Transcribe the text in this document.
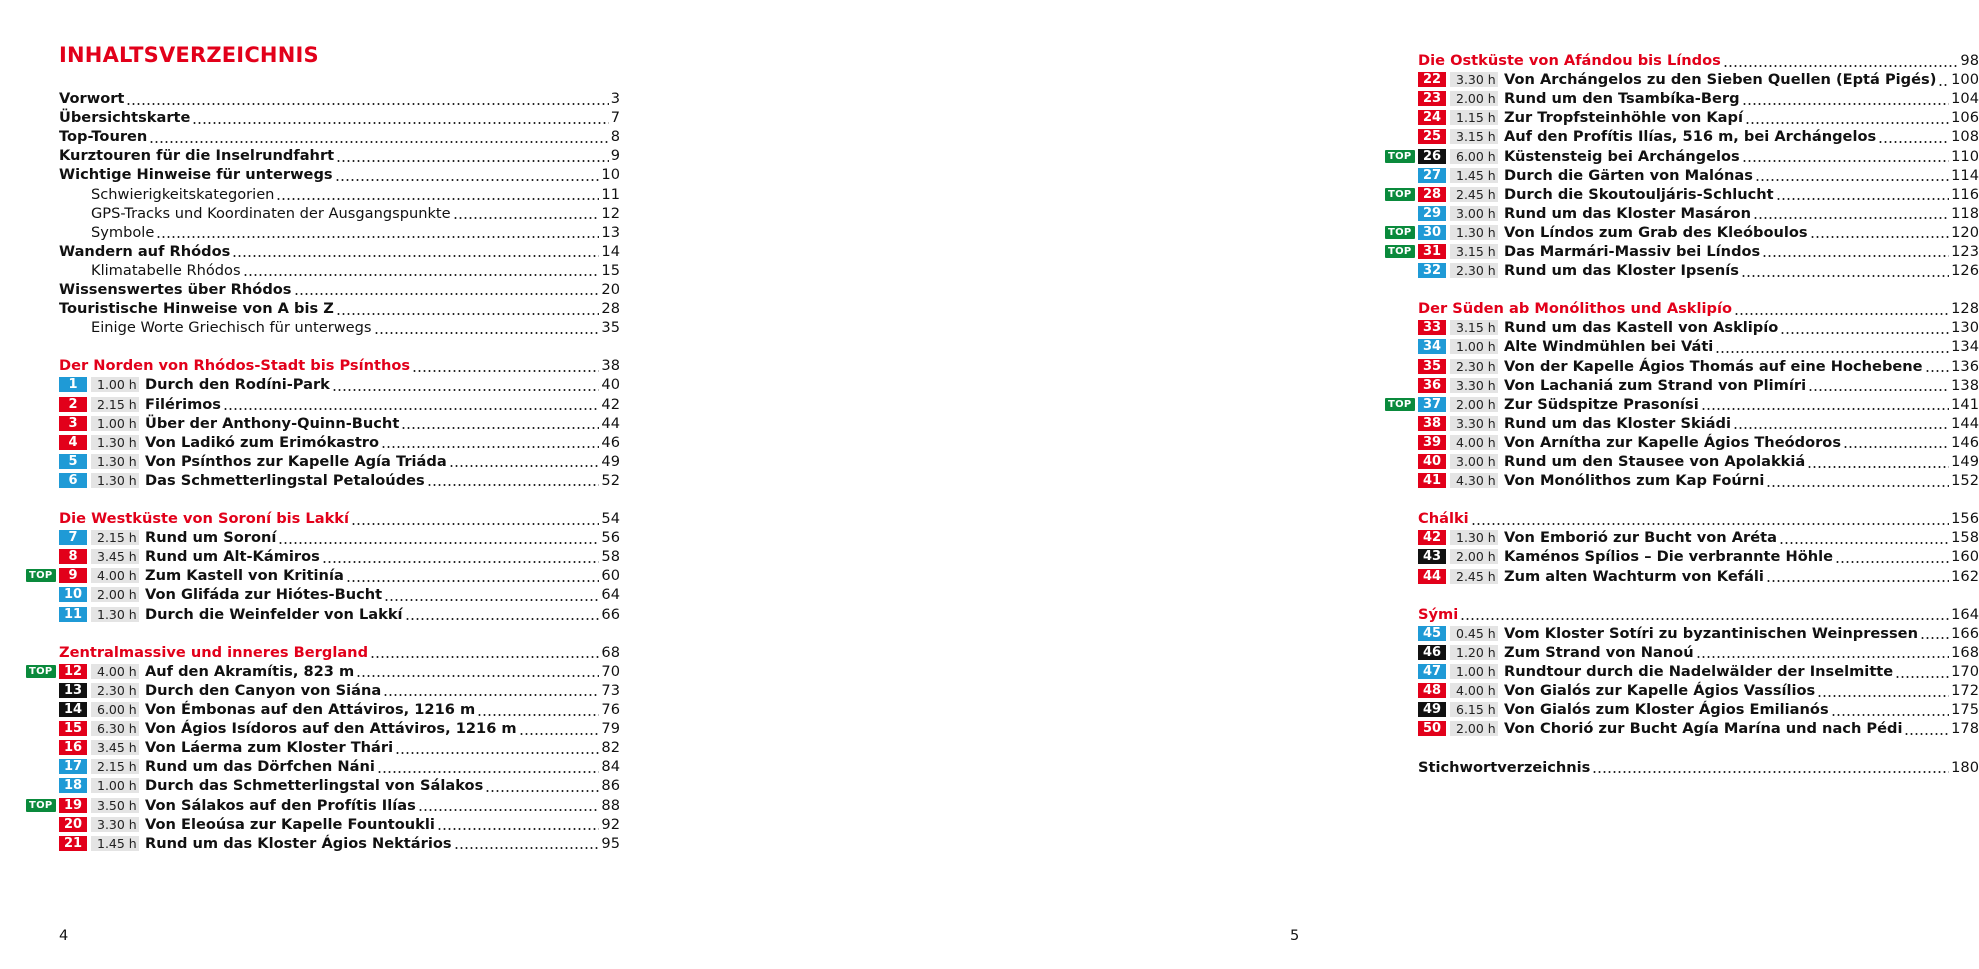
INHALTSVERZEICHNIS
Vorwort	3
Übersichtskarte	7
Top-Touren	8
Kurztouren für die Inselrundfahrt	9
Wichtige Hinweise für unterwegs	10
Schwierigkeitskategorien	11
GPS-Tracks und Koordinaten der Ausgangspunkte	12
Symbole	13
Wandern auf Rhódos	14
Klimatabelle Rhódos	15
Wissenswertes über Rhódos	20
Touristische Hinweise von A bis Z	28
Einige Worte Griechisch für unterwegs	35
Der Norden von Rhódos-Stadt bis Psínthos	38
1	1.00 h Durch den Rodíni-Park	40
2	2.15 h Filérimos	42
3	1.00 h Über der Anthony-Quinn-Bucht	44
4	1.30 h Von Ladikó zum Erimókastro	46
5	1.30 h Von Psínthos zur Kapelle Agía Triáda	49
6	1.30 h Das Schmetterlingstal Petaloúdes	52
Die Westküste von Soroní bis Lakkí	54
7	2.15 h Rund um Soroní	56
8	3.45 h Rund um Alt-Kámiros	58
TOP	9	4.00 h Zum Kastell von Kritinía	60
10	2.00 h Von Glifáda zur Hiótes-Bucht	64
11	1.30 h Durch die Weinfelder von Lakkí	66
Zentralmassive und inneres Bergland	68
TOP 12	4.00 h Auf den Akramítis, 823 m	70
13	2.30 h Durch den Canyon von Siána	73
14	6.00 h Von Émbonas auf den Attáviros, 1216 m	76
15	6.30 h Von Ágios Isídoros auf den Attáviros, 1216 m	79
16	3.45 h Von Láerma zum Kloster Thári	82
17	2.15 h Rund um das Dörfchen Náni	84
18	1.00 h Durch das Schmetterlingstal von Sálakos	86
TOP 19	3.50 h Von Sálakos auf den Profítis Ilías	88
20	3.30 h Von Eleoúsa zur Kapelle Fountoukli	92
21	1.45 h Rund um das Kloster Ágios Nektários	95
4
Die Ostküste von Afándou bis Líndos	98
22	3.30 h Von Archángelos zu den Sieben Quellen (Eptá Pigés) 100
23	2.00 h Rund um den Tsambíka-Berg	104
24	1.15 h Zur Tropfsteinhöhle von Kapí	106
25	3.15 h Auf den Profítis Ilías, 516 m, bei Archángelos	108
TOP 26	6.00 h Küstensteig bei Archángelos	110
27	1.45 h Durch die Gärten von Malónas	114
TOP 28	2.45 h Durch die Skoutouljáris-Schlucht	116
29	3.00 h Rund um das Kloster Masáron	118
TOP 30	1.30 h Von Líndos zum Grab des Kleóboulos	120
TOP 31	3.15 h Das Marmári-Massiv bei Líndos	123
32	2.30 h Rund um das Kloster Ipsenís	126
Der Süden ab Monólithos und Asklipío	128
33	3.15 h Rund um das Kastell von Asklipío	130
34	1.00 h Alte Windmühlen bei Váti	134
35	2.30 h Von der Kapelle Ágios Thomás auf eine Hochebene 136
36	3.30 h Von Lachaniá zum Strand von Plimíri	138
TOP 37	2.00 h Zur Südspitze Prasonísi	141
38	3.30 h Rund um das Kloster Skiádi	144
39	4.00 h Von Arnítha zur Kapelle Ágios Theódoros	146
40	3.00 h Rund um den Stausee von Apolakkiá	149
41	4.30 h Von Monólithos zum Kap Foúrni	152
Chálki	156
42	1.30 h Von Emborió zur Bucht von Aréta	158
43	2.00 h Kaménos Spílios – Die verbrannte Höhle	160
44	2.45 h Zum alten Wachturm von Kefáli	162
Sými	164
45	0.45 h Vom Kloster Sotíri zu byzantinischen Weinpressen 166
46	1.20 h Zum Strand von Nanoú	168
47	1.00 h Rundtour durch die Nadelwälder der Inselmitte	170
48	4.00 h Von Gialós zur Kapelle Ágios Vassílios	172
49	6.15 h Von Gialós zum Kloster Ágios Emilianós	175
50	2.00 h Von Chorió zur Bucht Agía Marína und nach Pédi	178
Stichwortverzeichnis	180
5
